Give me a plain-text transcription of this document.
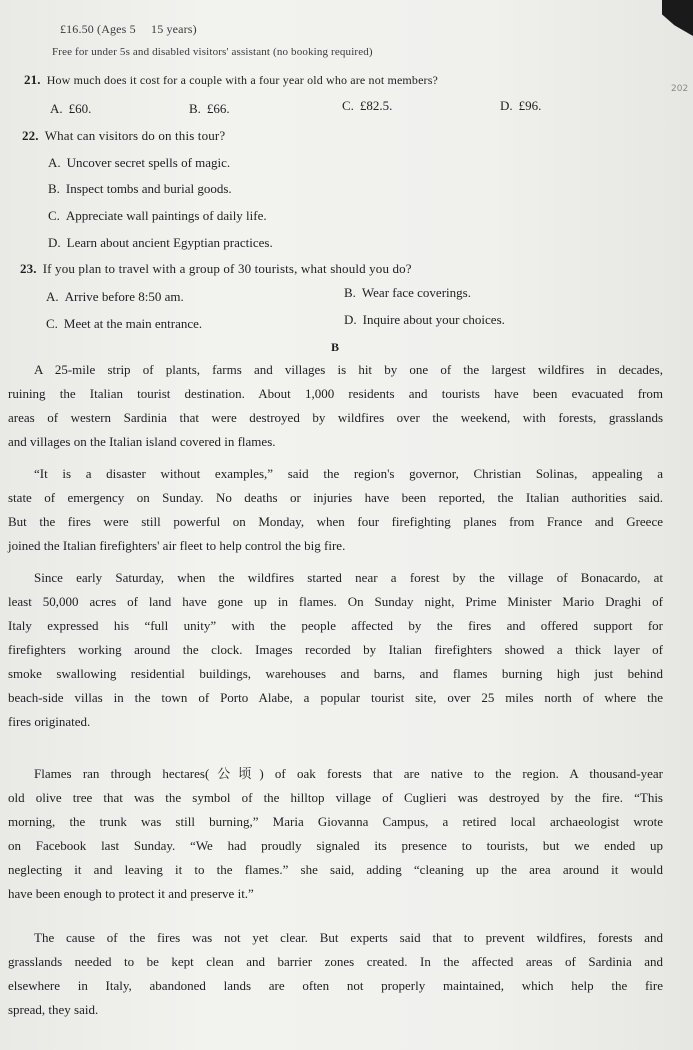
202
£16.50 (Ages 5 　15 years)
Free for under 5s and disabled visitors' assistant (no booking required)
21. How much does it cost for a couple with a four year old who are not members?
A. £60.	B. £66.	C. £82.5.	D. £96.
22. What can visitors do on this tour?
A. Uncover secret spells of magic.
B. Inspect tombs and burial goods.
C. Appreciate wall paintings of daily life.
D. Learn about ancient Egyptian practices.
23. If you plan to travel with a group of 30 tourists, what should you do?
A. Arrive before 8:50 am.	B. Wear face coverings.
C. Meet at the main entrance.	D. Inquire about your choices.
B
A 25-mile strip of plants, farms and villages is hit by one of the largest wildfires in decades,
ruining the Italian tourist destination. About 1,000 residents and tourists have been evacuated from
areas of western Sardinia that were destroyed by wildfires over the weekend, with forests, grasslands
and villages on the Italian island covered in flames.
“It is a disaster without examples,” said the region's governor, Christian Solinas, appealing a
state of emergency on Sunday. No deaths or injuries have been reported, the Italian authorities said.
But the fires were still powerful on Monday, when four firefighting planes from France and Greece
joined the Italian firefighters' air fleet to help control the big fire.
Since early Saturday, when the wildfires started near a forest by the village of Bonacardo, at
least 50,000 acres of land have gone up in flames. On Sunday night, Prime Minister Mario Draghi of
Italy expressed his “full unity” with the people affected by the fires and offered support for
firefighters working around the clock. Images recorded by Italian firefighters showed a thick layer of
smoke swallowing residential buildings, warehouses and barns, and flames burning high just behind
beach-side villas in the town of Porto Alabe, a popular tourist site, over 25 miles north of where the
fires originated.
Flames ran through hectares(公顷) of oak forests that are native to the region. A thousand-year
old olive tree that was the symbol of the hilltop village of Cuglieri was destroyed by the fire. “This
morning, the trunk was still burning,” Maria Giovanna Campus, a retired local archaeologist wrote
on Facebook last Sunday. “We had proudly signaled its presence to tourists, but we ended up
neglecting it and leaving it to the flames.” she said, adding “cleaning up the area around it would
have been enough to protect it and preserve it.”
The cause of the fires was not yet clear. But experts said that to prevent wildfires, forests and
grasslands needed to be kept clean and barrier zones created. In the affected areas of Sardinia and
elsewhere in Italy, abandoned lands are often not properly maintained, which help the fire
spread, they said.
